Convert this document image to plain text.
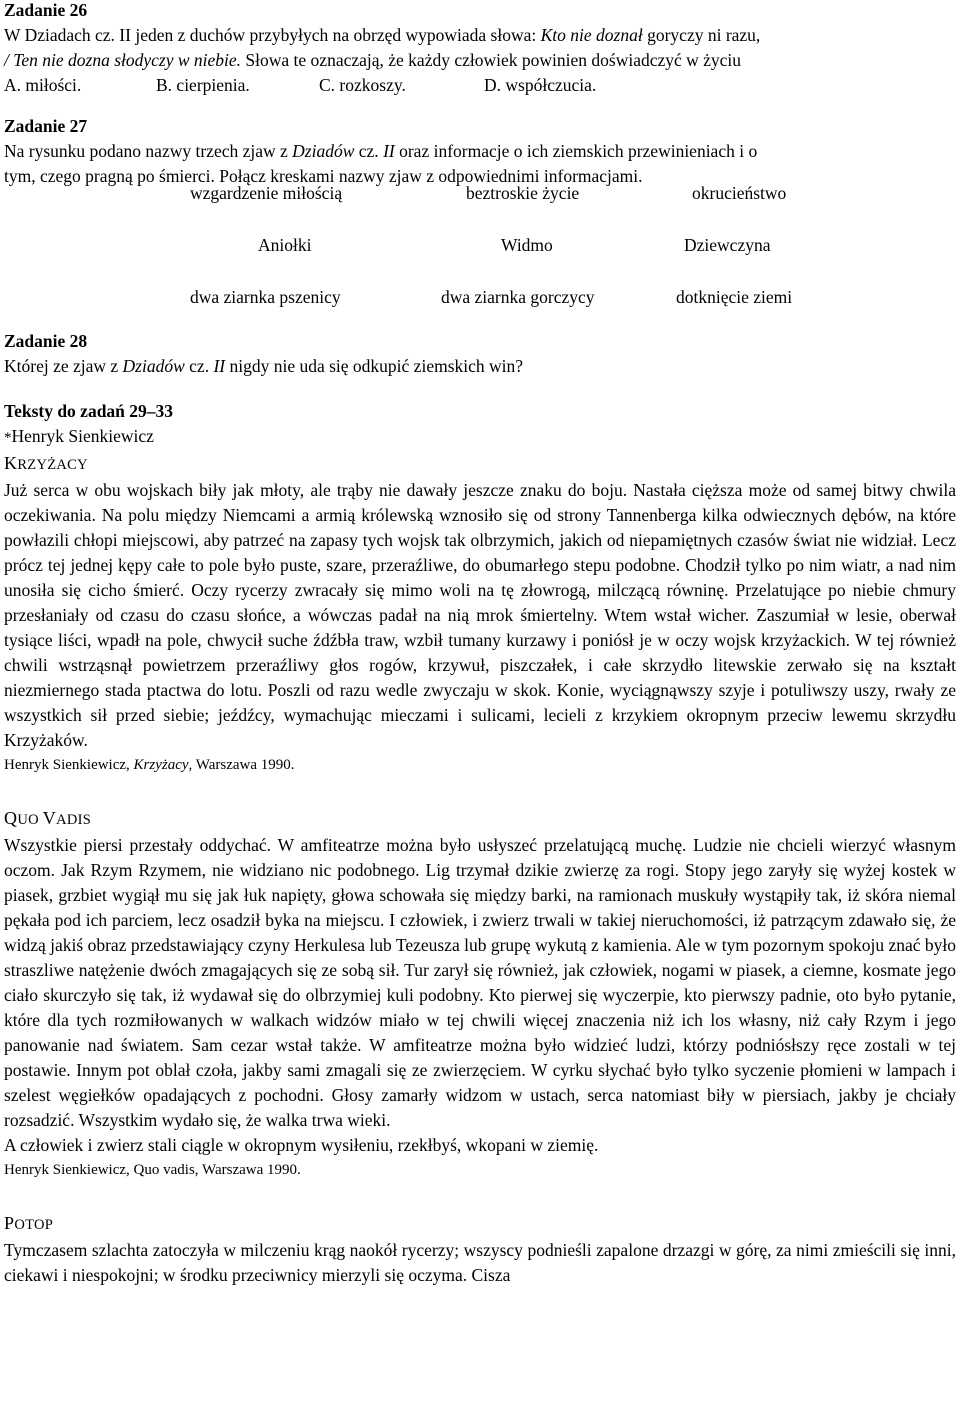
Zadanie 26

W Dziadach cz. II jeden z duchów przybyłych na obrzęd wypowiada słowa: Kto nie doznał goryczy ni razu,

/ Ten nie dozna słodyczy w niebie. Słowa te oznaczają, że każdy człowiek powinien doświadczyć w życiu

A. miłości.	B. cierpienia.	C. rozkoszy.	D. współczucia.

Zadanie 27

Na rysunku podano nazwy trzech zjaw z Dziadów cz. II oraz informacje o ich ziemskich przewinieniach i o

tym, czego pragną po śmierci. Połącz kreskami nazwy zjaw z odpowiednimi informacjami.

wzgardzenie miłością	beztroskie życie	okrucieństwo
Aniołki	Widmo	Dziewczyna
dwa ziarnka pszenicy	dwa ziarnka gorczycy	dotknięcie ziemi

Zadanie 28

Której ze zjaw z Dziadów cz. II nigdy nie uda się odkupić ziemskich win?

Teksty do zadań 29–33

*Henryk Sienkiewicz

KRZYŻACY

Już serca w obu wojskach biły jak młoty, ale trąby nie dawały jeszcze znaku do boju. Nastała cięższa może od samej bitwy chwila oczekiwania. Na polu między Niemcami a armią królewską wznosiło się od strony Tannenberga kilka odwiecznych dębów, na które powłazili chłopi miejscowi, aby patrzeć na zapasy tych wojsk tak olbrzymich, jakich od niepamiętnych czasów świat nie widział. Lecz prócz tej jednej kępy całe to pole było puste, szare, przeraźliwe, do obumarłego stepu podobne. Chodził tylko po nim wiatr, a nad nim unosiła się cicho śmierć. Oczy rycerzy zwracały się mimo woli na tę złowrogą, milczącą równinę. Przelatujące po niebie chmury przesłaniały od czasu do czasu słońce, a wówczas padał na nią mrok śmiertelny. Wtem wstał wicher. Zaszumiał w lesie, oberwał tysiące liści, wpadł na pole, chwycił suche źdźbła traw, wzbił tumany kurzawy i poniósł je w oczy wojsk krzyżackich. W tej również chwili wstrząsnął powietrzem przeraźliwy głos rogów, krzywuł, piszczałek, i całe skrzydło litewskie zerwało się na kształt niezmiernego stada ptactwa do lotu. Poszli od razu wedle zwyczaju w skok. Konie, wyciągnąwszy szyje i potuliwszy uszy, rwały ze wszystkich sił przed siebie; jeźdźcy, wymachując mieczami i sulicami, lecieli z krzykiem okropnym przeciw lewemu skrzydłu Krzyżaków.

Henryk Sienkiewicz, Krzyżacy, Warszawa 1990.

QUO VADIS

Wszystkie piersi przestały oddychać. W amfiteatrze można było usłyszeć przelatującą muchę. Ludzie nie chcieli wierzyć własnym oczom. Jak Rzym Rzymem, nie widziano nic podobnego. Lig trzymał dzikie zwierzę za rogi. Stopy jego zaryły się wyżej kostek w piasek, grzbiet wygiął mu się jak łuk napięty, głowa schowała się między barki, na ramionach muskuły wystąpiły tak, iż skóra niemal pękała pod ich parciem, lecz osadził byka na miejscu. I człowiek, i zwierz trwali w takiej nieruchomości, iż patrzącym zdawało się, że widzą jakiś obraz przedstawiający czyny Herkulesa lub Tezeusza lub grupę wykutą z kamienia. Ale w tym pozornym spokoju znać było straszliwe natężenie dwóch zmagających się ze sobą sił. Tur zarył się również, jak człowiek, nogami w piasek, a ciemne, kosmate jego ciało skurczyło się tak, iż wydawał się do olbrzymiej kuli podobny. Kto pierwej się wyczerpie, kto pierwszy padnie, oto było pytanie, które dla tych rozmiłowanych w walkach widzów miało w tej chwili więcej znaczenia niż ich los własny, niż cały Rzym i jego panowanie nad światem. Sam cezar wstał także. W amfiteatrze można było widzieć ludzi, którzy podniósłszy ręce zostali w tej postawie. Innym pot oblał czoła, jakby sami zmagali się ze zwierzęciem. W cyrku słychać było tylko syczenie płomieni w lampach i szelest węgiełków opadających z pochodni. Głosy zamarły widzom w ustach, serca natomiast biły w piersiach, jakby je chciały rozsadzić. Wszystkim wydało się, że walka trwa wieki.

A człowiek i zwierz stali ciągle w okropnym wysiłeniu, rzekłbyś, wkopani w ziemię.

Henryk Sienkiewicz, Quo vadis, Warszawa 1990.

POTOP

Tymczasem szlachta zatoczyła w milczeniu krąg naokół rycerzy; wszyscy podnieśli zapalone drzazgi w górę, za nimi zmieścili się inni, ciekawi i niespokojni; w środku przeciwnicy mierzyli się oczyma. Cisza
